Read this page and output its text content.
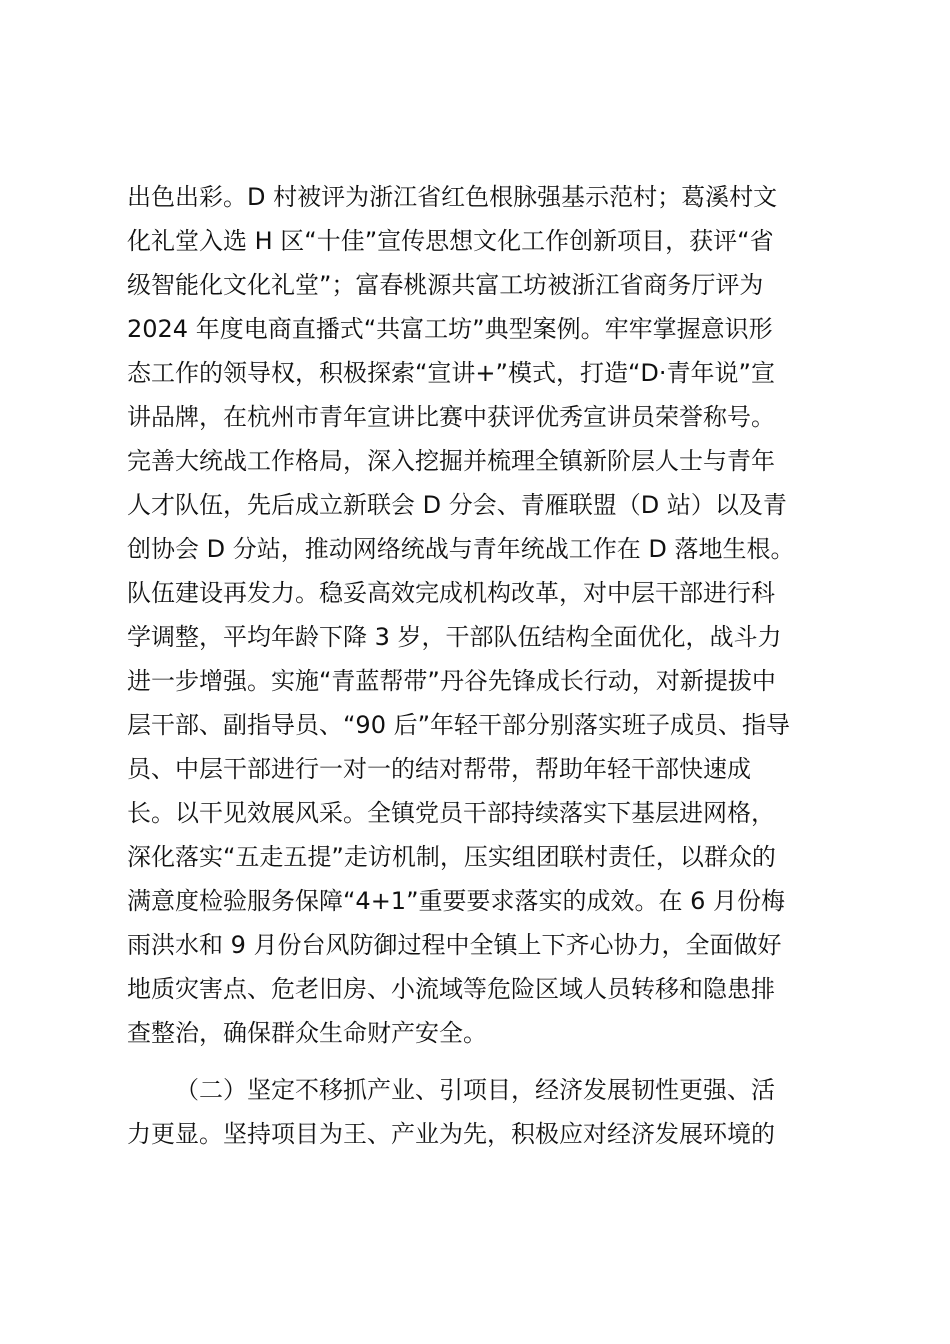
出色出彩。D 村被评为浙江省红色根脉强基示范村；葛溪村文
化礼堂入选 H 区“十佳”宣传思想文化工作创新项目，获评“省
级智能化文化礼堂”；富春桃源共富工坊被浙江省商务厅评为
2024 年度电商直播式“共富工坊”典型案例。牢牢掌握意识形
态工作的领导权，积极探索“宣讲+”模式，打造“D·青年说”宣
讲品牌，在杭州市青年宣讲比赛中获评优秀宣讲员荣誉称号。
完善大统战工作格局，深入挖掘并梳理全镇新阶层人士与青年
人才队伍，先后成立新联会 D 分会、青雁联盟（D 站）以及青
创协会 D 分站，推动网络统战与青年统战工作在 D 落地生根。
队伍建设再发力。稳妥高效完成机构改革，对中层干部进行科
学调整，平均年龄下降 3 岁，干部队伍结构全面优化，战斗力
进一步增强。实施“青蓝帮带”丹谷先锋成长行动，对新提拔中
层干部、副指导员、“90 后”年轻干部分别落实班子成员、指导
员、中层干部进行一对一的结对帮带，帮助年轻干部快速成
长。以干见效展风采。全镇党员干部持续落实下基层进网格，
深化落实“五走五提”走访机制，压实组团联村责任，以群众的
满意度检验服务保障“4+1”重要要求落实的成效。在 6 月份梅
雨洪水和 9 月份台风防御过程中全镇上下齐心协力，全面做好
地质灾害点、危老旧房、小流域等危险区域人员转移和隐患排
查整治，确保群众生命财产安全。
（二）坚定不移抓产业、引项目，经济发展韧性更强、活
力更显。坚持项目为王、产业为先，积极应对经济发展环境的
